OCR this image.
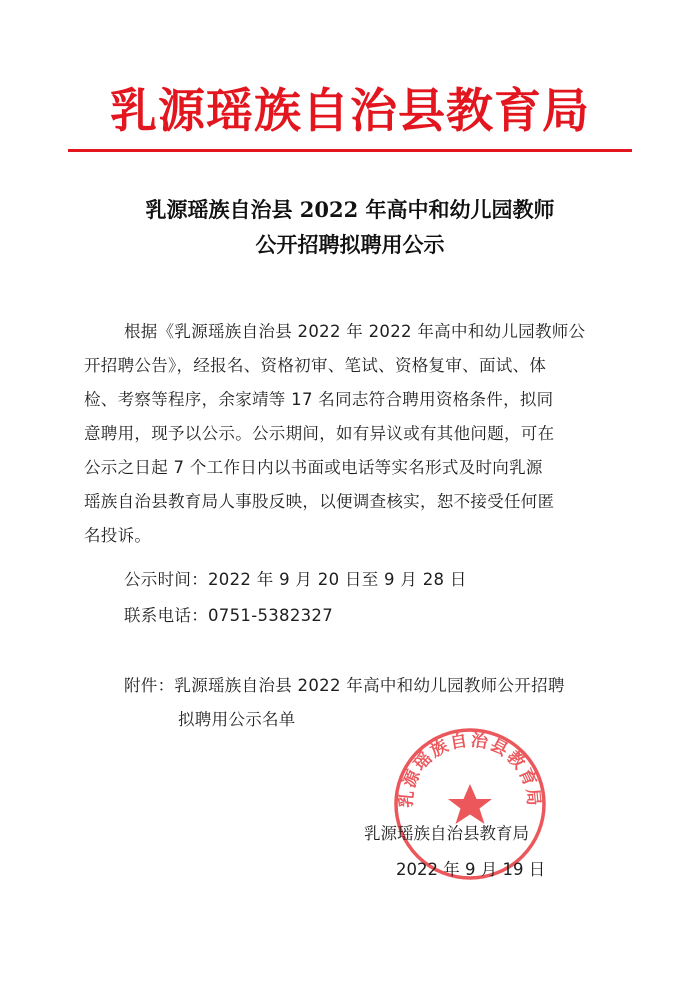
乳源瑶族自治县教育局
乳源瑶族自治县 2022 年高中和幼儿园教师
公开招聘拟聘用公示
根据《乳源瑶族自治县 2022 年 2022 年高中和幼儿园教师公
开招聘公告》，经报名、资格初审、笔试、资格复审、面试、体
检、考察等程序，余家靖等 17 名同志符合聘用资格条件，拟同
意聘用，现予以公示。公示期间，如有异议或有其他问题，可在
公示之日起 7 个工作日内以书面或电话等实名形式及时向乳源
瑶族自治县教育局人事股反映，以便调查核实，恕不接受任何匿
名投诉。
公示时间：2022 年 9 月 20 日至 9 月 28 日
联系电话：0751-5382327
附件：乳源瑶族自治县 2022 年高中和幼儿园教师公开招聘
拟聘用公示名单
乳源瑶族自治县教育局
乳源瑶族自治县教育局
2022 年 9 月 19 日
